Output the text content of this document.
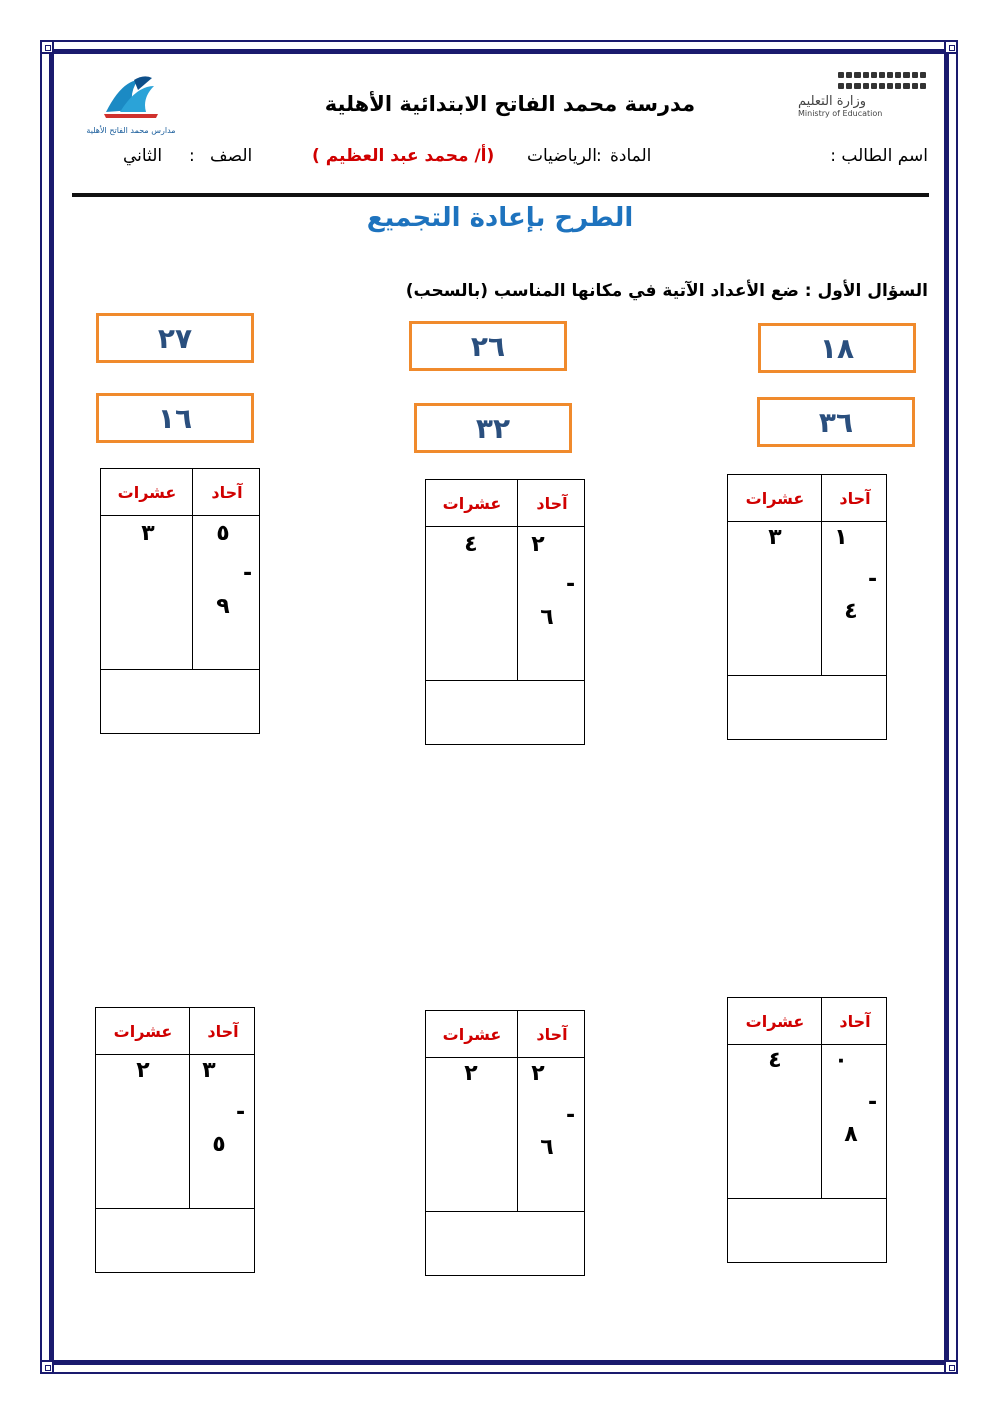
مدارس محمد الفاتح الأهلية
وزارة التعليم
Ministry of Education
مدرسة محمد الفاتح الابتدائية الأهلية
اسم الطالب :
المادة
:
الرياضيات
(أ/ محمد عبد العظيم )
الصف
:
الثاني
الطرح بإعادة التجميع
السؤال الأول : ضع الأعداد الآتية في مكانها المناسب (بالسحب)
٢٧	٢٦	١٨
١٦	٣٢	٣٦
عشرات	آحاد
٣	٥
-
٩
عشرات	آحاد
٤	٢
-
٦
عشرات	آحاد
٣	١
-
٤
عشرات	آحاد
٢	٣
-
٥
عشرات	آحاد
٢	٢
-
٦
عشرات	آحاد
٤	٠
-
٨
